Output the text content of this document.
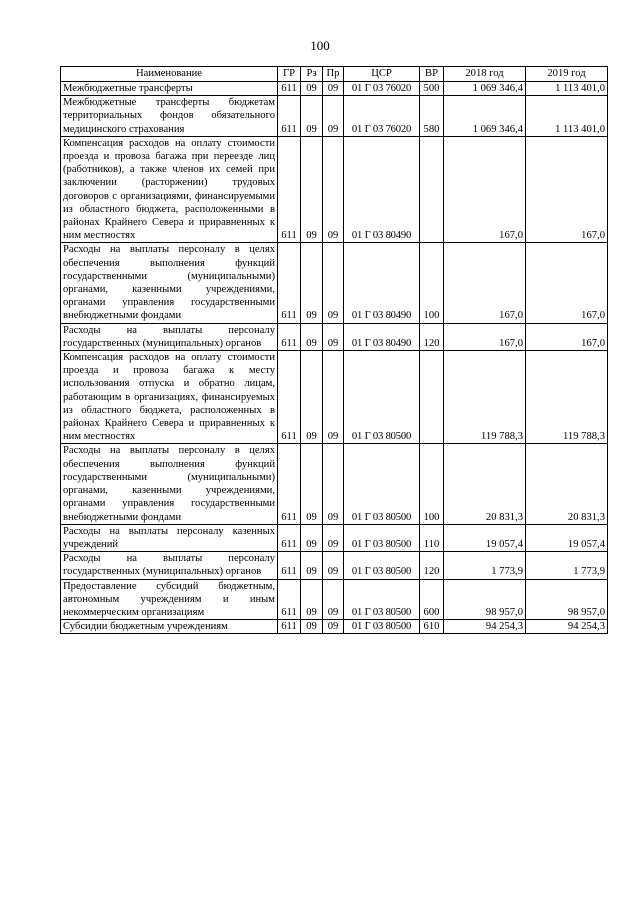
100
Наименование	ГР	Рз	Пр	ЦСР	ВР	2018 год	2019 год
Межбюджетные трансферты	611	09	09	01 Г 03 76020	500	1 069 346,4	1 113 401,0
Межбюджетные трансферты бюджетам территориальных фондов обязательного медицинского страхования	611	09	09	01 Г 03 76020	580	1 069 346,4	1 113 401,0
Компенсация расходов на оплату стоимости проезда и провоза багажа при переезде лиц (работников), а также членов их семей при заключении (расторжении) трудовых договоров с организациями, финансируемыми из областного бюджета, расположенными в районах Крайнего Севера и приравненных к ним местностях	611	09	09	01 Г 03 80490		167,0	167,0
Расходы на выплаты персоналу в целях обеспечения выполнения функций государственными (муниципальными) органами, казенными учреждениями, органами управления государственными внебюджетными фондами	611	09	09	01 Г 03 80490	100	167,0	167,0
Расходы на выплаты персоналу государственных (муниципальных) органов	611	09	09	01 Г 03 80490	120	167,0	167,0
Компенсация расходов на оплату стоимости проезда и провоза багажа к месту использования отпуска и обратно лицам, работающим в организациях, финансируемых из областного бюджета, расположенных в районах Крайнего Севера и приравненных к ним местностях	611	09	09	01 Г 03 80500		119 788,3	119 788,3
Расходы на выплаты персоналу в целях обеспечения выполнения функций государственными (муниципальными) органами, казенными учреждениями, органами управления государственными внебюджетными фондами	611	09	09	01 Г 03 80500	100	20 831,3	20 831,3
Расходы на выплаты персоналу казенных учреждений	611	09	09	01 Г 03 80500	110	19 057,4	19 057,4
Расходы на выплаты персоналу государственных (муниципальных) органов	611	09	09	01 Г 03 80500	120	1 773,9	1 773,9
Предоставление субсидий бюджетным, автономным учреждениям и иным некоммерческим организациям	611	09	09	01 Г 03 80500	600	98 957,0	98 957,0
Субсидии бюджетным учреждениям	611	09	09	01 Г 03 80500	610	94 254,3	94 254,3
